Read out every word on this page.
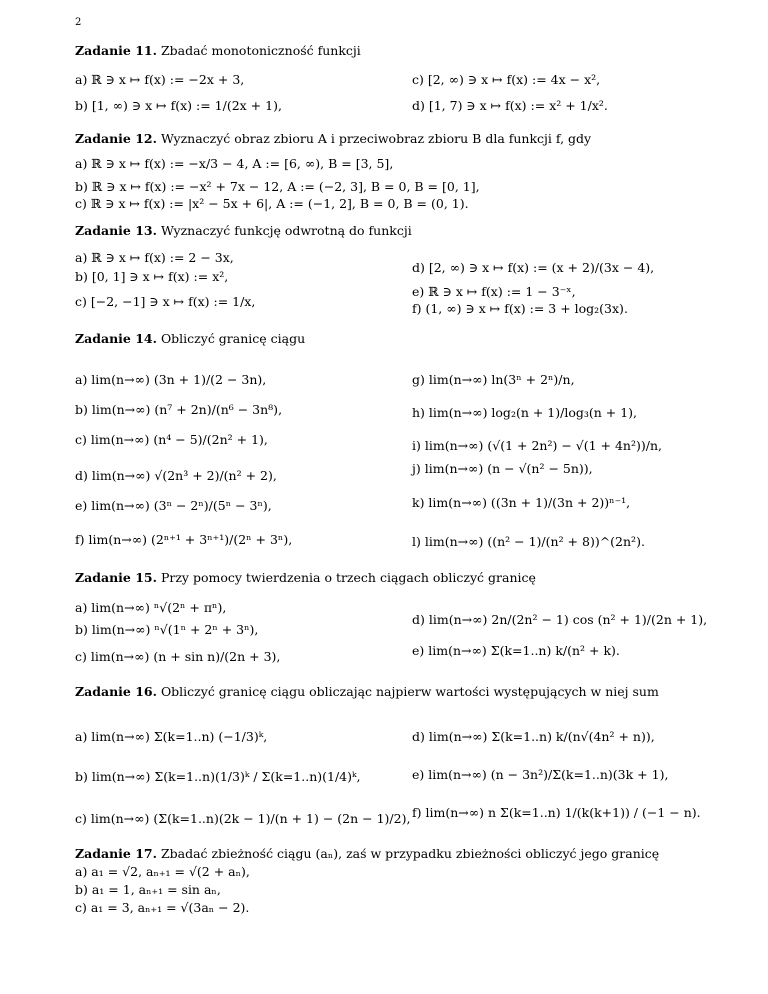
2
Zadanie 11. Zbadać monotoniczność funkcji
a) ℝ ∋ x ↦ f(x) := −2x + 3,
b) [1, ∞) ∋ x ↦ f(x) := 1/(2x + 1),
c) [2, ∞) ∋ x ↦ f(x) := 4x − x²,
d) [1, 7) ∋ x ↦ f(x) := x² + 1/x².
Zadanie 12. Wyznaczyć obraz zbioru A i przeciwobraz zbioru B dla funkcji f, gdy
a) ℝ ∋ x ↦ f(x) := −x/3 − 4, A := [6, ∞), B = [3, 5],
b) ℝ ∋ x ↦ f(x) := −x² + 7x − 12, A := (−2, 3], B = 0, B = [0, 1],
c) ℝ ∋ x ↦ f(x) := |x² − 5x + 6|, A := (−1, 2], B = 0, B = (0, 1).
Zadanie 13. Wyznaczyć funkcję odwrotną do funkcji
a) ℝ ∋ x ↦ f(x) := 2 − 3x,
b) [0, 1] ∋ x ↦ f(x) := x²,
c) [−2, −1] ∋ x ↦ f(x) := 1/x,
d) [2, ∞) ∋ x ↦ f(x) := (x + 2)/(3x − 4),
e) ℝ ∋ x ↦ f(x) := 1 − 3⁻ˣ,
f) (1, ∞) ∋ x ↦ f(x) := 3 + log₂(3x).
Zadanie 14. Obliczyć granicę ciągu
a) lim(n→∞) (3n + 1)/(2 − 3n),
b) lim(n→∞) (n⁷ + 2n)/(n⁶ − 3n⁸),
c) lim(n→∞) (n⁴ − 5)/(2n² + 1),
d) lim(n→∞) √(2n³ + 2)/(n² + 2),
e) lim(n→∞) (3ⁿ − 2ⁿ)/(5ⁿ − 3ⁿ),
f) lim(n→∞) (2ⁿ⁺¹ + 3ⁿ⁺¹)/(2ⁿ + 3ⁿ),
g) lim(n→∞) ln(3ⁿ + 2ⁿ)/n,
h) lim(n→∞) log₂(n + 1)/log₃(n + 1),
i) lim(n→∞) (√(1 + 2n²) − √(1 + 4n²))/n,
j) lim(n→∞) (n − √(n² − 5n)),
k) lim(n→∞) ((3n + 1)/(3n + 2))ⁿ⁻¹,
l) lim(n→∞) ((n² − 1)/(n² + 8))^(2n²).
Zadanie 15. Przy pomocy twierdzenia o trzech ciągach obliczyć granicę
a) lim(n→∞) ⁿ√(2ⁿ + πⁿ),
b) lim(n→∞) ⁿ√(1ⁿ + 2ⁿ + 3ⁿ),
c) lim(n→∞) (n + sin n)/(2n + 3),
d) lim(n→∞) 2n/(2n² − 1) cos (n² + 1)/(2n + 1),
e) lim(n→∞) Σ(k=1..n) k/(n² + k).
Zadanie 16. Obliczyć granicę ciągu obliczając najpierw wartości występujących w niej sum
a) lim(n→∞) Σ(k=1..n) (−1/3)ᵏ,
b) lim(n→∞) Σ(k=1..n)(1/3)ᵏ / Σ(k=1..n)(1/4)ᵏ,
c) lim(n→∞) (Σ(k=1..n)(2k − 1)/(n + 1) − (2n − 1)/2),
d) lim(n→∞) Σ(k=1..n) k/(n√(4n² + n)),
e) lim(n→∞) (n − 3n²)/Σ(k=1..n)(3k + 1),
f) lim(n→∞) n Σ(k=1..n) 1/(k(k+1)) / (−1 − n).
Zadanie 17. Zbadać zbieżność ciągu (aₙ), zaś w przypadku zbieżności obliczyć jego granicę
a) a₁ = √2, aₙ₊₁ = √(2 + aₙ),
b) a₁ = 1, aₙ₊₁ = sin aₙ,
c) a₁ = 3, aₙ₊₁ = √(3aₙ − 2).
